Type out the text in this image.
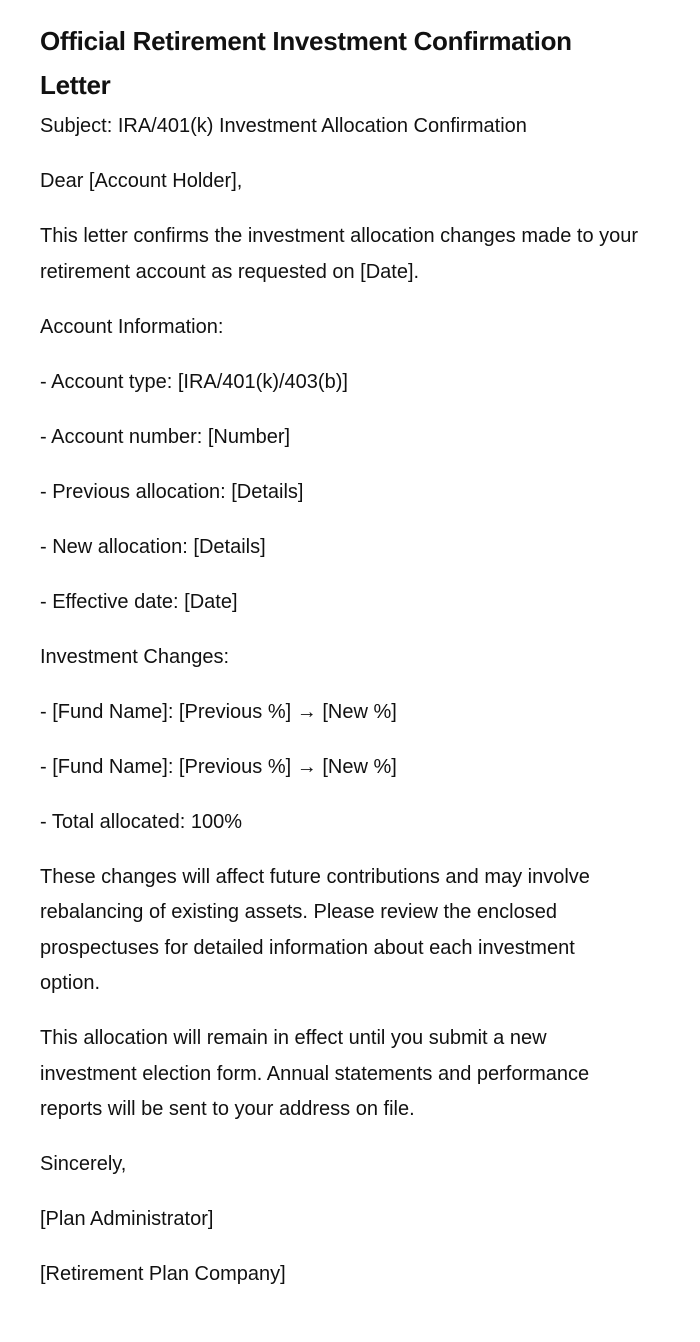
Official Retirement Investment Confirmation Letter

Subject: IRA/401(k) Investment Allocation Confirmation

Dear [Account Holder],

This letter confirms the investment allocation changes made to your retirement account as requested on [Date].

Account Information:

- Account type: [IRA/401(k)/403(b)]

- Account number: [Number]

- Previous allocation: [Details]

- New allocation: [Details]

- Effective date: [Date]

Investment Changes:

- [Fund Name]: [Previous %] → [New %]

- [Fund Name]: [Previous %] → [New %]

- Total allocated: 100%

These changes will affect future contributions and may involve rebalancing of existing assets. Please review the enclosed prospectuses for detailed information about each investment option.

This allocation will remain in effect until you submit a new investment election form. Annual statements and performance reports will be sent to your address on file.

Sincerely,

[Plan Administrator]

[Retirement Plan Company]
